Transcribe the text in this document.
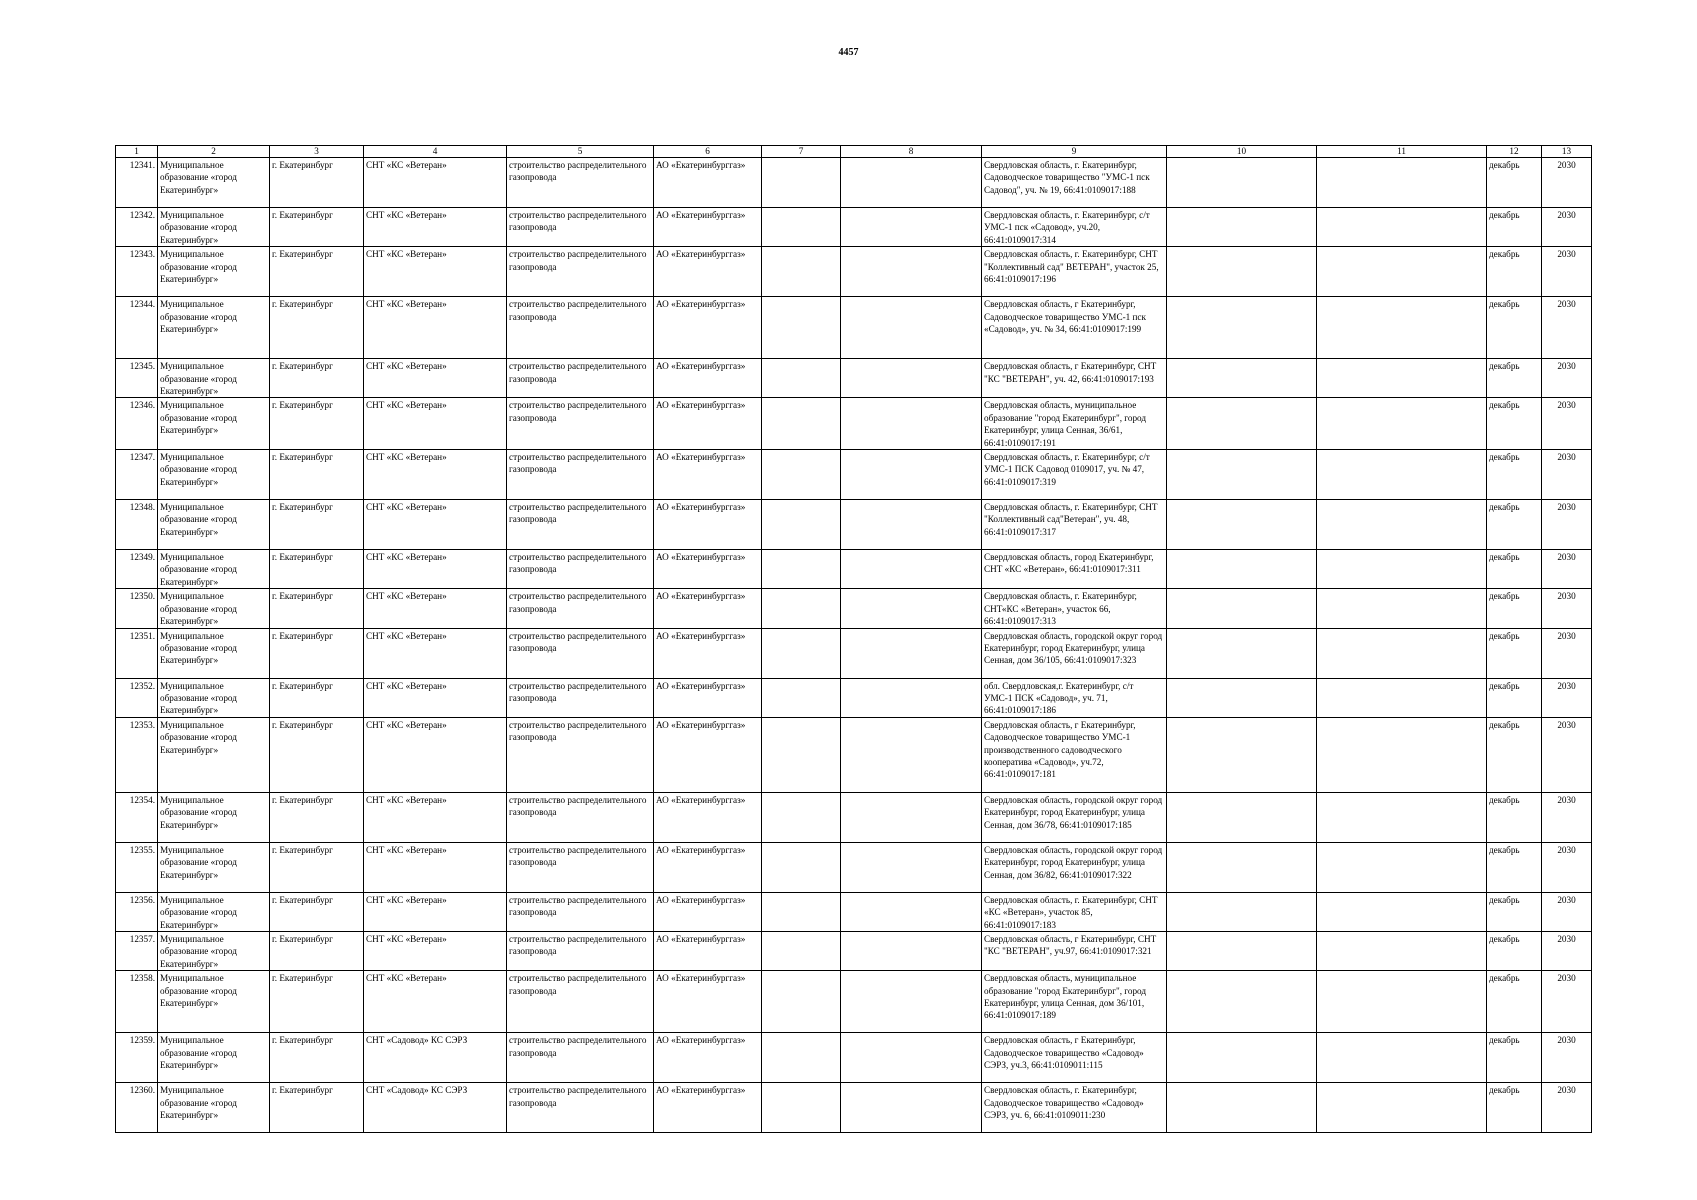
4457
1	2	3	4	5	6	7	8	9	10	11	12	13
12341.	Муниципальное образование «город Екатеринбург»	г. Екатеринбург	СНТ «КС «Ветеран»	строительство распределительного газопровода	АО «Екатеринбурггаз»			Свердловская область, г. Екатеринбург, Садоводческое товарищество "УМС-1 пск Садовод", уч. № 19, 66:41:0109017:188			декабрь	2030
12342.	Муниципальное образование «город Екатеринбург»	г. Екатеринбург	СНТ «КС «Ветеран»	строительство распределительного газопровода	АО «Екатеринбурггаз»			Свердловская область, г. Екатеринбург, с/т УМС-1 пск «Садовод», уч.20, 66:41:0109017:314			декабрь	2030
12343.	Муниципальное образование «город Екатеринбург»	г. Екатеринбург	СНТ «КС «Ветеран»	строительство распределительного газопровода	АО «Екатеринбурггаз»			Свердловская область, г. Екатеринбург, СНТ "Коллективный сад" ВЕТЕРАН", участок 25, 66:41:0109017:196			декабрь	2030
12344.	Муниципальное образование «город Екатеринбург»	г. Екатеринбург	СНТ «КС «Ветеран»	строительство распределительного газопровода	АО «Екатеринбурггаз»			Свердловская область, г Екатеринбург, Садоводческое товарищество УМС-1 пск «Садовод», уч. № 34, 66:41:0109017:199			декабрь	2030
12345.	Муниципальное образование «город Екатеринбург»	г. Екатеринбург	СНТ «КС «Ветеран»	строительство распределительного газопровода	АО «Екатеринбурггаз»			Свердловская область, г Екатеринбург, СНТ "КС "ВЕТЕРАН", уч. 42, 66:41:0109017:193			декабрь	2030
12346.	Муниципальное образование «город Екатеринбург»	г. Екатеринбург	СНТ «КС «Ветеран»	строительство распределительного газопровода	АО «Екатеринбурггаз»			Свердловская область, муниципальное образование "город Екатеринбург", город Екатеринбург, улица Сенная, 36/61, 66:41:0109017:191			декабрь	2030
12347.	Муниципальное образование «город Екатеринбург»	г. Екатеринбург	СНТ «КС «Ветеран»	строительство распределительного газопровода	АО «Екатеринбурггаз»			Свердловская область, г. Екатеринбург, с/т УМС-1 ПСК Садовод 0109017, уч. № 47, 66:41:0109017:319			декабрь	2030
12348.	Муниципальное образование «город Екатеринбург»	г. Екатеринбург	СНТ «КС «Ветеран»	строительство распределительного газопровода	АО «Екатеринбурггаз»			Свердловская область, г. Екатеринбург, СНТ "Коллективный сад"Ветеран", уч. 48, 66:41:0109017:317			декабрь	2030
12349.	Муниципальное образование «город Екатеринбург»	г. Екатеринбург	СНТ «КС «Ветеран»	строительство распределительного газопровода	АО «Екатеринбурггаз»			Свердловская область, город Екатеринбург, СНТ «КС «Ветеран», 66:41:0109017:311			декабрь	2030
12350.	Муниципальное образование «город Екатеринбург»	г. Екатеринбург	СНТ «КС «Ветеран»	строительство распределительного газопровода	АО «Екатеринбурггаз»			Свердловская область, г. Екатеринбург, СНТ«КС «Ветеран», участок 66, 66:41:0109017:313			декабрь	2030
12351.	Муниципальное образование «город Екатеринбург»	г. Екатеринбург	СНТ «КС «Ветеран»	строительство распределительного газопровода	АО «Екатеринбурггаз»			Свердловская область, городской округ город Екатеринбург, город Екатеринбург, улица Сенная, дом 36/105, 66:41:0109017:323			декабрь	2030
12352.	Муниципальное образование «город Екатеринбург»	г. Екатеринбург	СНТ «КС «Ветеран»	строительство распределительного газопровода	АО «Екатеринбурггаз»			обл. Свердловская,г. Екатеринбург, с/т УМС-1 ПСК «Садовод», уч. 71, 66:41:0109017:186			декабрь	2030
12353.	Муниципальное образование «город Екатеринбург»	г. Екатеринбург	СНТ «КС «Ветеран»	строительство распределительного газопровода	АО «Екатеринбурггаз»			Свердловская область, г Екатеринбург, Садоводческое товарищество УМС-1 производственного садоводческого кооператива «Садовод», уч.72, 66:41:0109017:181			декабрь	2030
12354.	Муниципальное образование «город Екатеринбург»	г. Екатеринбург	СНТ «КС «Ветеран»	строительство распределительного газопровода	АО «Екатеринбурггаз»			Свердловская область, городской округ город Екатеринбург, город Екатеринбург, улица Сенная, дом 36/78, 66:41:0109017:185			декабрь	2030
12355.	Муниципальное образование «город Екатеринбург»	г. Екатеринбург	СНТ «КС «Ветеран»	строительство распределительного газопровода	АО «Екатеринбурггаз»			Свердловская область, городской округ город Екатеринбург, город Екатеринбург, улица Сенная, дом 36/82, 66:41:0109017:322			декабрь	2030
12356.	Муниципальное образование «город Екатеринбург»	г. Екатеринбург	СНТ «КС «Ветеран»	строительство распределительного газопровода	АО «Екатеринбурггаз»			Свердловская область, г. Екатеринбург, СНТ «КС «Ветеран», участок 85, 66:41:0109017:183			декабрь	2030
12357.	Муниципальное образование «город Екатеринбург»	г. Екатеринбург	СНТ «КС «Ветеран»	строительство распределительного газопровода	АО «Екатеринбурггаз»			Свердловская область, г Екатеринбург, СНТ "КС "ВЕТЕРАН", уч.97, 66:41:0109017:321			декабрь	2030
12358.	Муниципальное образование «город Екатеринбург»	г. Екатеринбург	СНТ «КС «Ветеран»	строительство распределительного газопровода	АО «Екатеринбурггаз»			Свердловская область, муниципальное образование "город Екатеринбург", город Екатеринбург, улица Сенная, дом 36/101, 66:41:0109017:189			декабрь	2030
12359.	Муниципальное образование «город Екатеринбург»	г. Екатеринбург	СНТ «Садовод» КС СЭРЗ	строительство распределительного газопровода	АО «Екатеринбурггаз»			Свердловская область, г Екатеринбург, Садоводческое товарищество «Садовод» СЭРЗ, уч.3, 66:41:0109011:115			декабрь	2030
12360.	Муниципальное образование «город Екатеринбург»	г. Екатеринбург	СНТ «Садовод» КС СЭРЗ	строительство распределительного газопровода	АО «Екатеринбурггаз»			Свердловская область, г. Екатеринбург, Садоводческое товарищество «Садовод» СЭРЗ, уч. 6, 66:41:0109011:230			декабрь	2030
